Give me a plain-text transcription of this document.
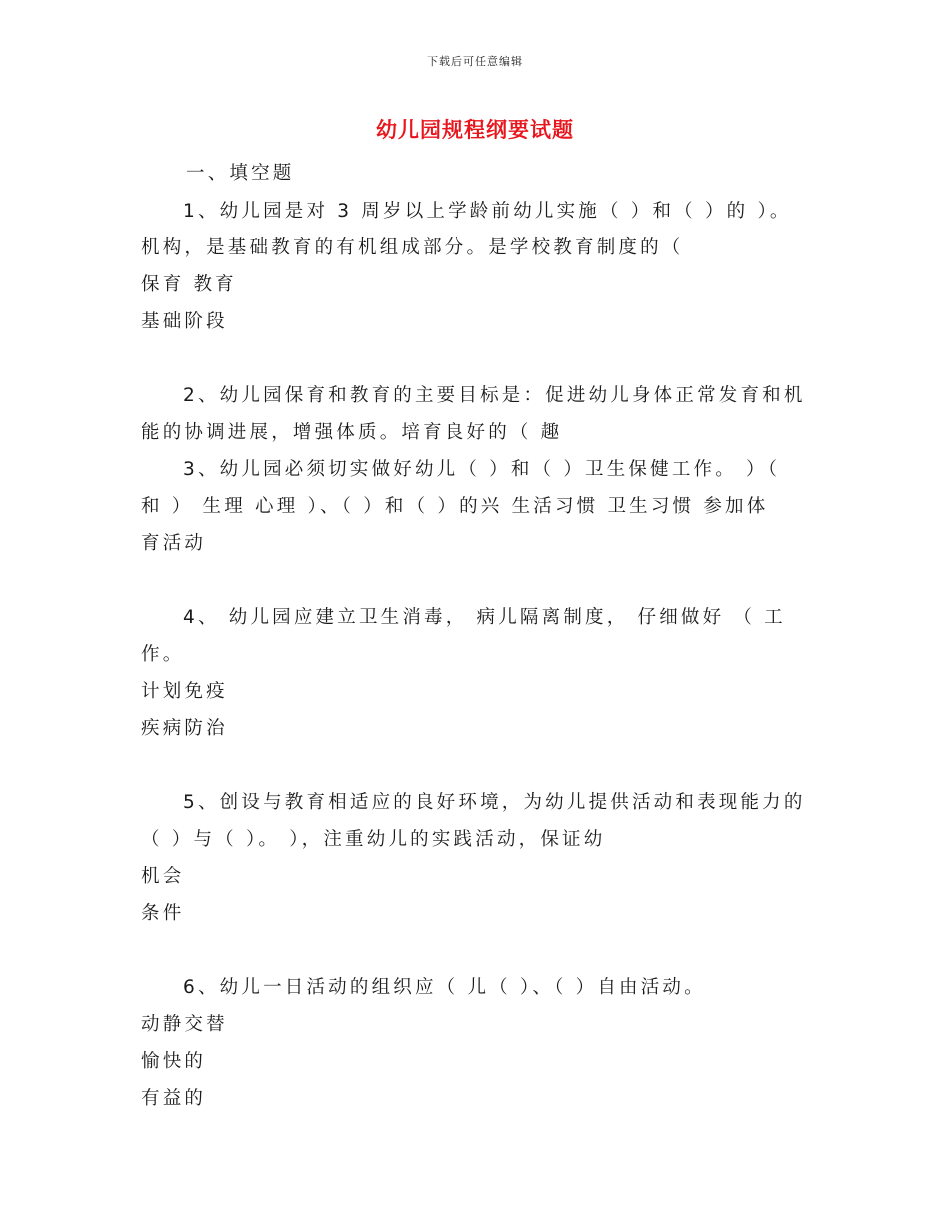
下载后可任意编辑
幼儿园规程纲要试题
一、填空题
1、幼儿园是对 3 周岁以上学龄前幼儿实施（ ）和（ ）的 ）。
机构，是基础教育的有机组成部分。是学校教育制度的（
保育 教育
基础阶段
2、幼儿园保育和教育的主要目标是：促进幼儿身体正常发育和机
能的协调进展，增强体质。培育良好的（ 趣
3、幼儿园必须切实做好幼儿（ ）和（ ）卫生保健工作。 ）（
和 ） 生理 心理 ）、（ ）和（ ）的兴 生活习惯 卫生习惯 参加体
育活动
4、 幼儿园应建立卫生消毒， 病儿隔离制度， 仔细做好 （ 工
作。
计划免疫
疾病防治
5、创设与教育相适应的良好环境，为幼儿提供活动和表现能力的
（ ）与（ ）。 ），注重幼儿的实践活动，保证幼
机会
条件
6、幼儿一日活动的组织应（ 儿（ ）、（ ）自由活动。
动静交替
愉快的
有益的
